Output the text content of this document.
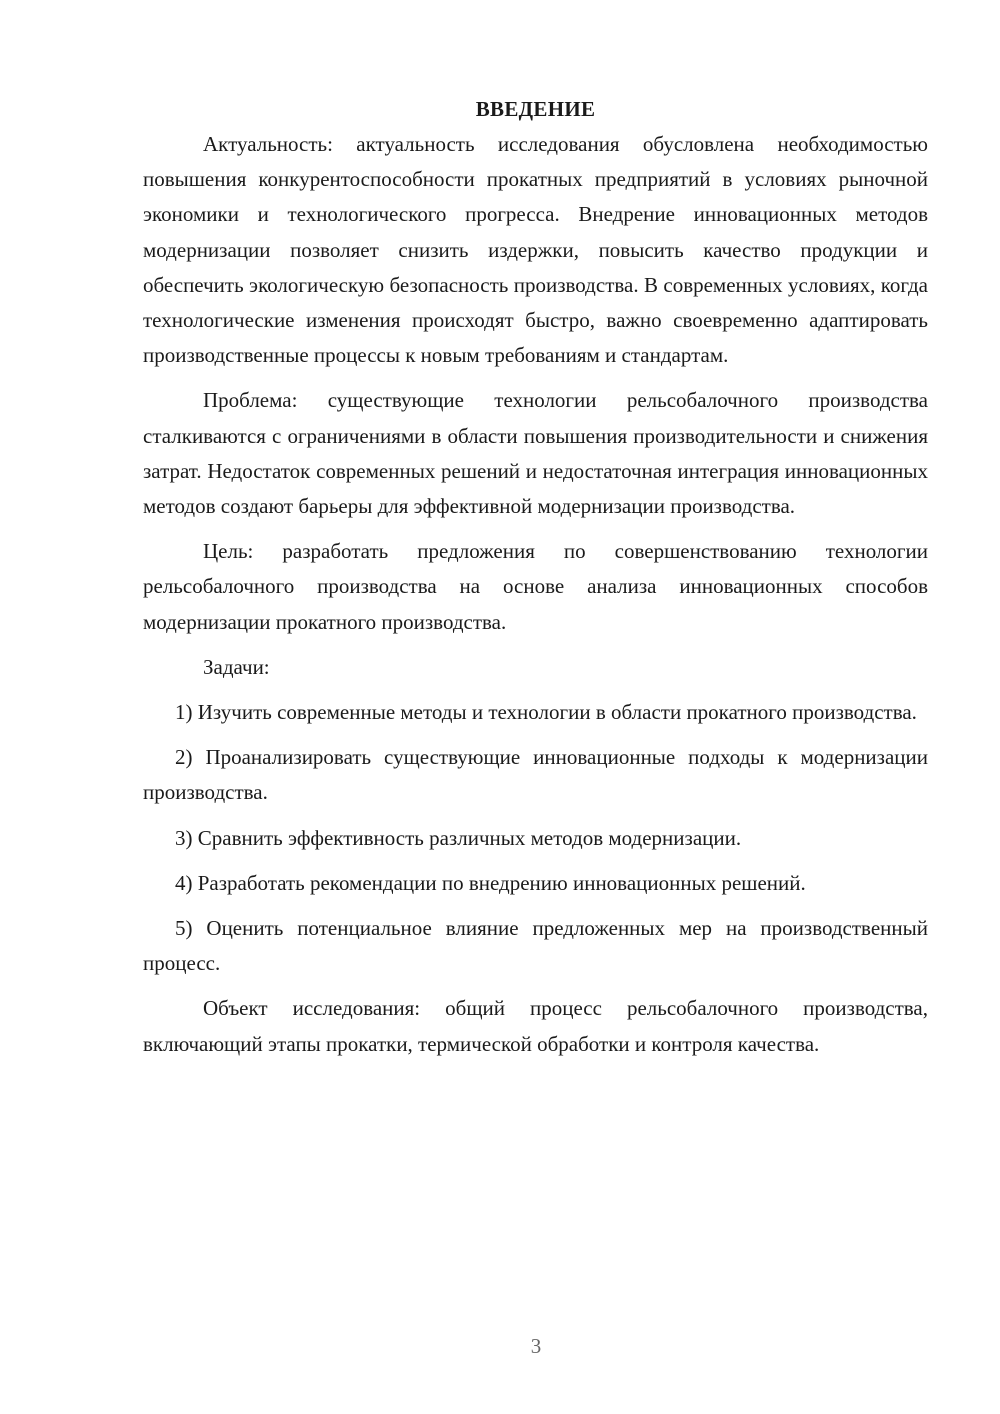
ВВЕДЕНИЕ

Актуальность: актуальность исследования обусловлена необходимостью повышения конкурентоспособности прокатных предприятий в условиях рыночной экономики и технологического прогресса. Внедрение инновационных методов модернизации позволяет снизить издержки, повысить качество продукции и обеспечить экологическую безопасность производства. В современных условиях, когда технологические изменения происходят быстро, важно своевременно адаптировать производственные процессы к новым требованиям и стандартам.

Проблема: существующие технологии рельсобалочного производства сталкиваются с ограничениями в области повышения производительности и снижения затрат. Недостаток современных решений и недостаточная интеграция инновационных методов создают барьеры для эффективной модернизации производства.

Цель: разработать предложения по совершенствованию технологии рельсобалочного производства на основе анализа инновационных способов модернизации прокатного производства.

Задачи:

1) Изучить современные методы и технологии в области прокатного производства.

2) Проанализировать существующие инновационные подходы к модернизации производства.

3) Сравнить эффективность различных методов модернизации.

4) Разработать рекомендации по внедрению инновационных решений.

5) Оценить потенциальное влияние предложенных мер на производственный процесс.

Объект исследования: общий процесс рельсобалочного производства, включающий этапы прокатки, термической обработки и контроля качества.

3
